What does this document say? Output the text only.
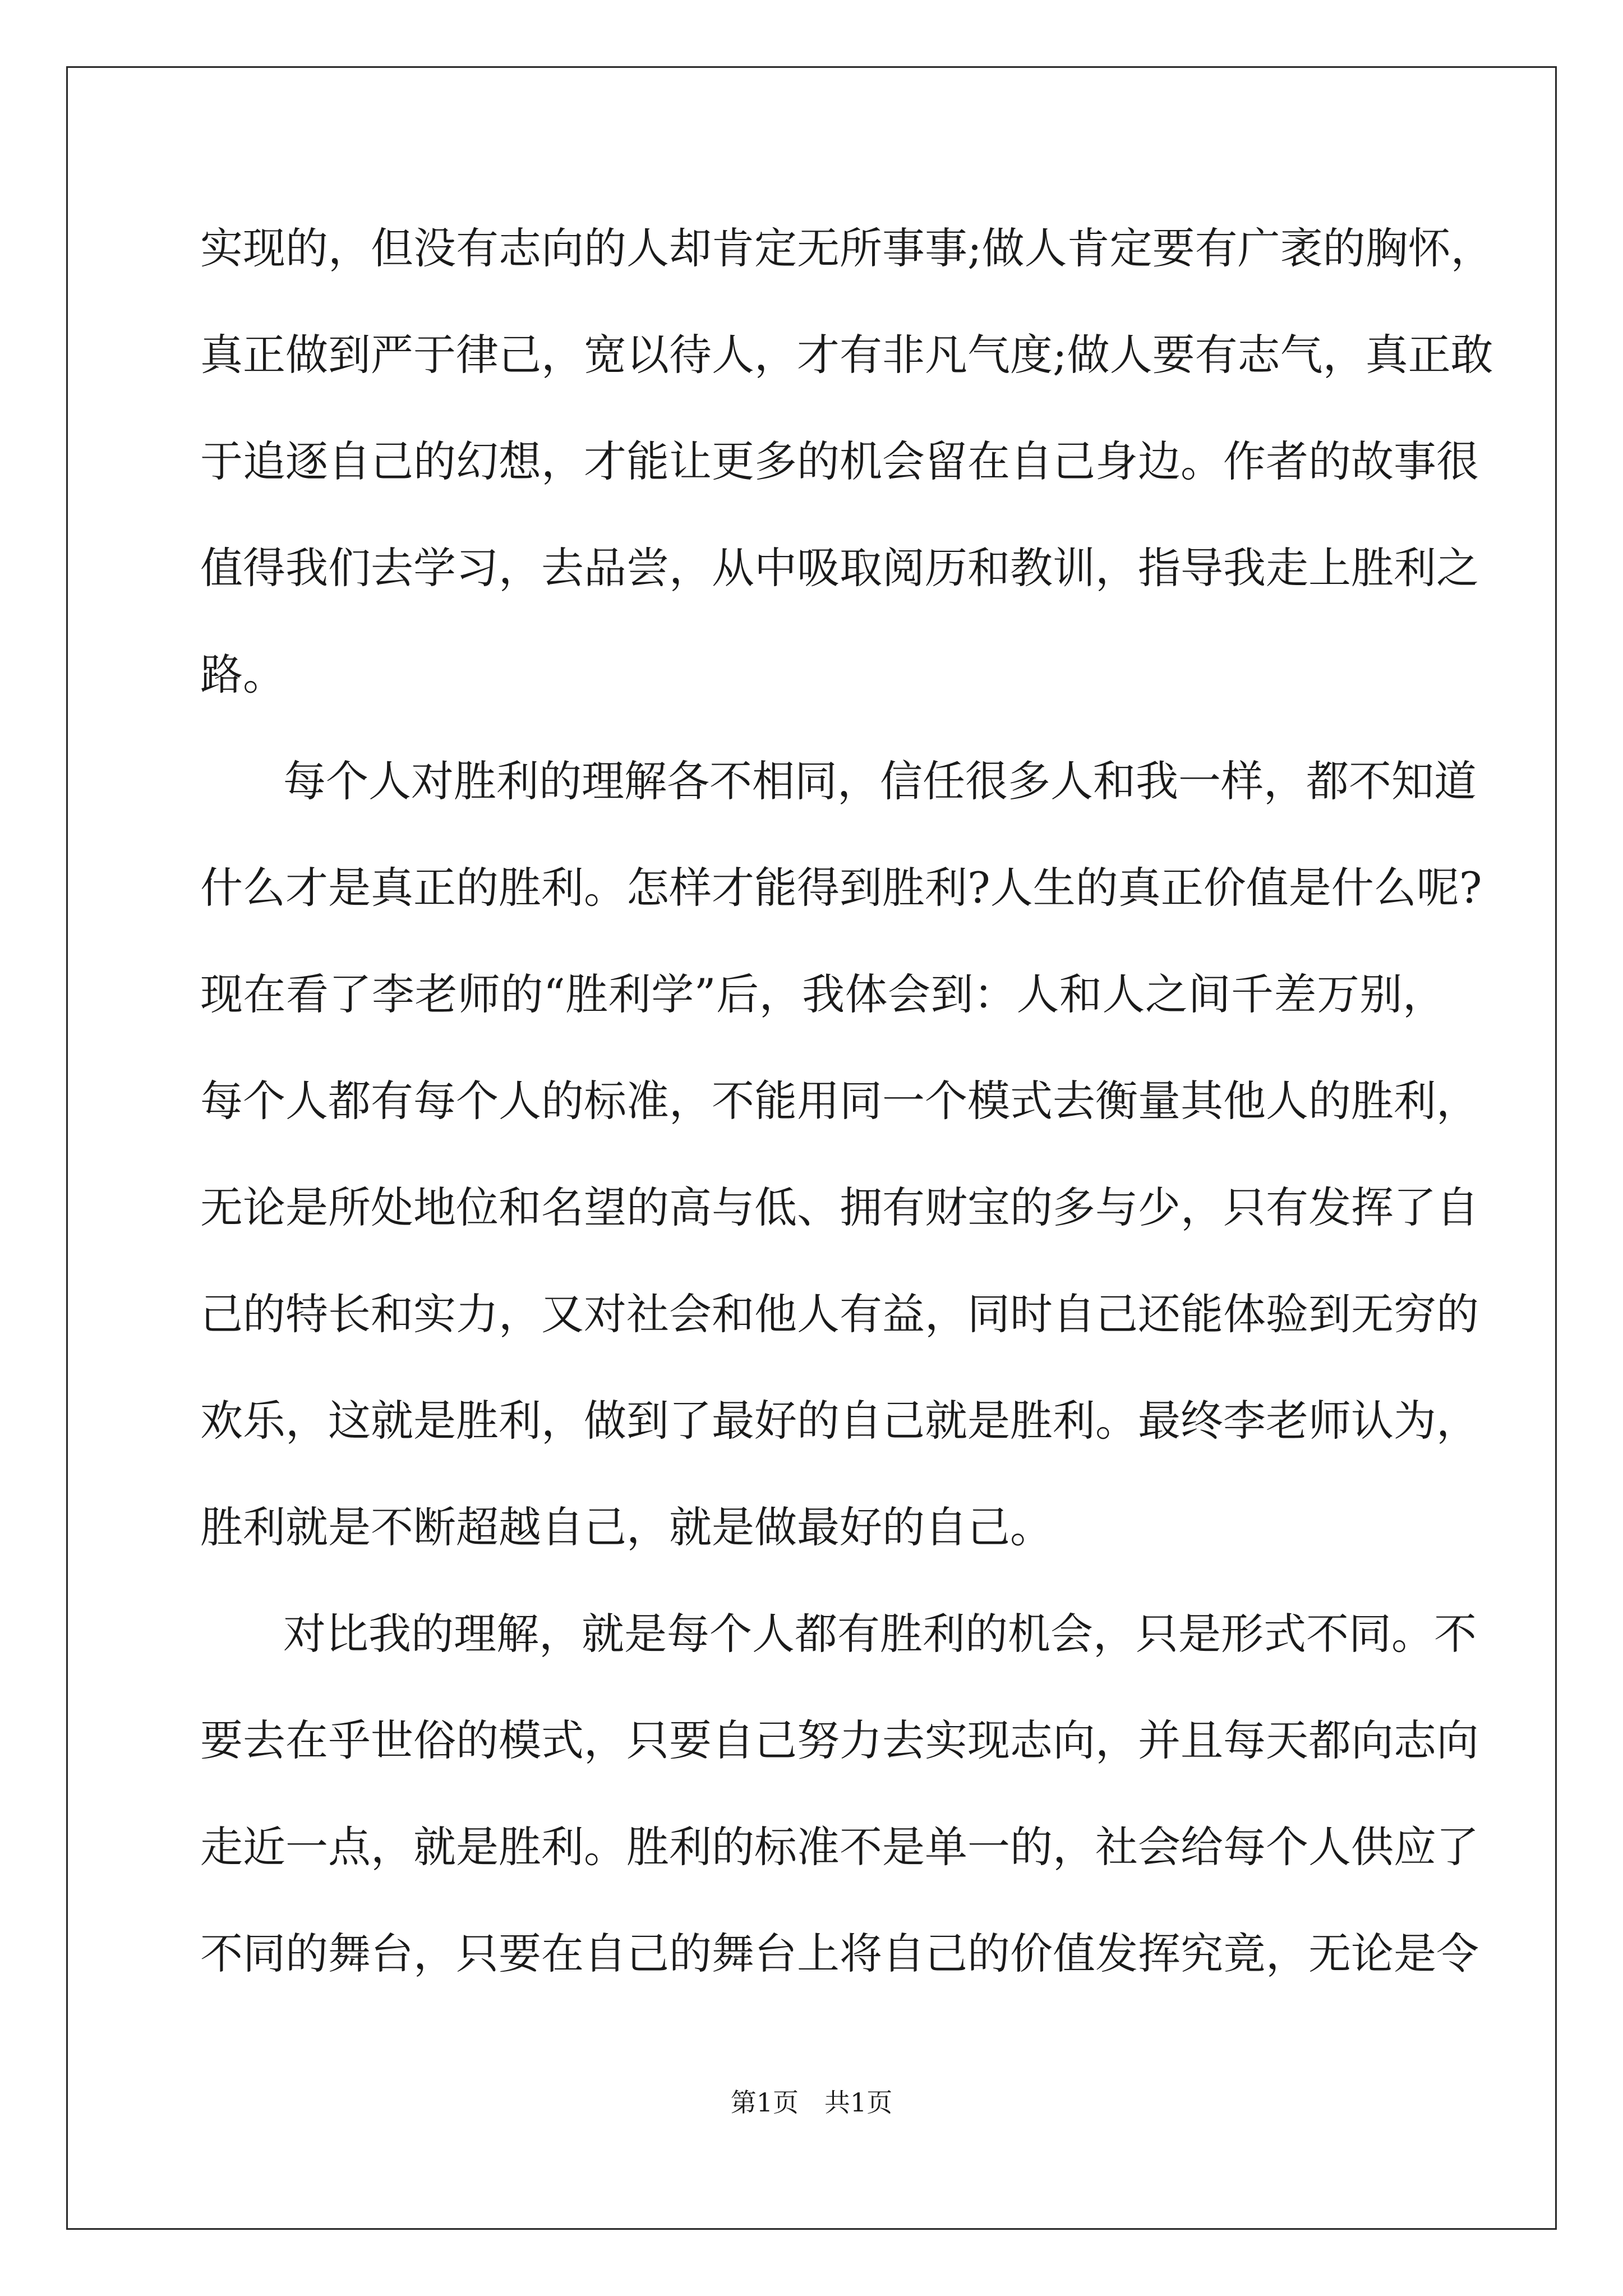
实现的，但没有志向的人却肯定无所事事;做人肯定要有广袤的胸怀，

真正做到严于律己，宽以待人，才有非凡气度;做人要有志气，真正敢

于追逐自己的幻想，才能让更多的机会留在自己身边。作者的故事很

值得我们去学习，去品尝，从中吸取阅历和教训，指导我走上胜利之

路。

每个人对胜利的理解各不相同，信任很多人和我一样，都不知道

什么才是真正的胜利。怎样才能得到胜利?人生的真正价值是什么呢?

现在看了李老师的“胜利学”后，我体会到：人和人之间千差万别，

每个人都有每个人的标准，不能用同一个模式去衡量其他人的胜利，

无论是所处地位和名望的高与低、拥有财宝的多与少，只有发挥了自

己的特长和实力，又对社会和他人有益，同时自己还能体验到无穷的

欢乐，这就是胜利，做到了最好的自己就是胜利。最终李老师认为，

胜利就是不断超越自己，就是做最好的自己。

对比我的理解，就是每个人都有胜利的机会，只是形式不同。不

要去在乎世俗的模式，只要自己努力去实现志向，并且每天都向志向

走近一点，就是胜利。胜利的标准不是单一的，社会给每个人供应了

不同的舞台，只要在自己的舞台上将自己的价值发挥究竟，无论是令

第1页　共1页
